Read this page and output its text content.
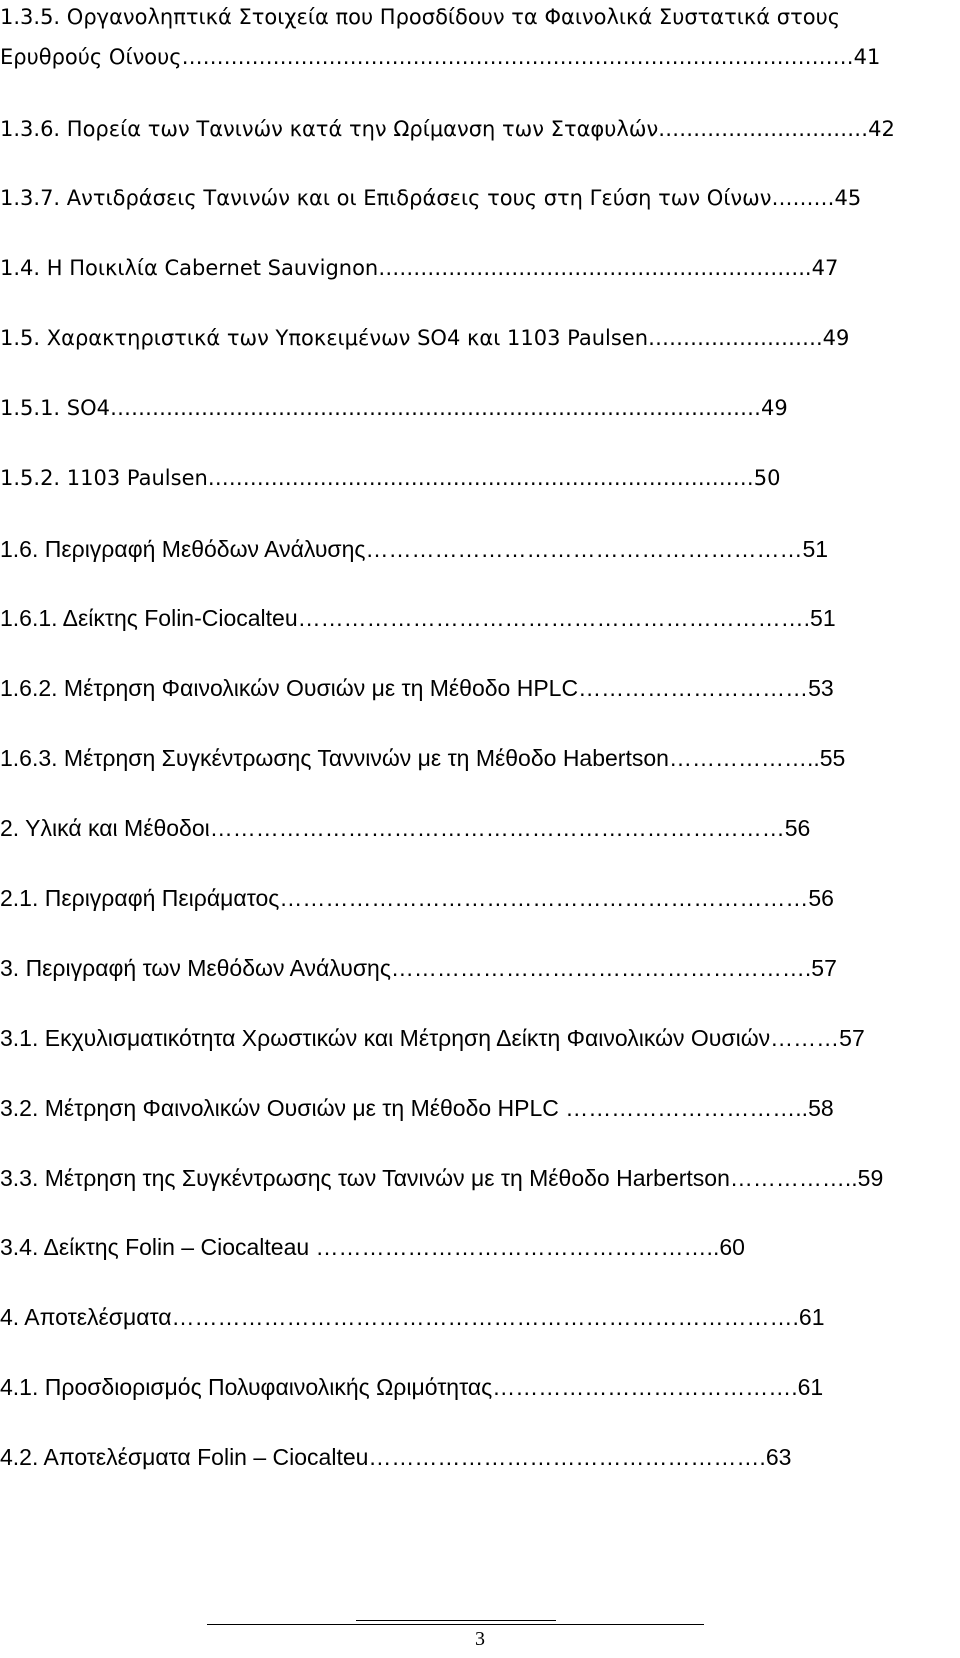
1.3.5. Οργανοληπτικά Στοιχεία που Προσδίδουν τα Φαινολικά Συστατικά στους
Ερυθρούς Οίνους……………………………………………………………………………………41
1.3.6. Πορεία των Τανινών κατά την Ωρίμανση των Σταφυλών…………………………42
1.3.7. Αντιδράσεις Τανινών και οι Επιδράσεις τους στη Γεύση των Οίνων………45
1.4. Η Ποικιλία Cabernet Sauvignon……………………………………………………..47
1.5. Χαρακτηριστικά των Υποκειμένων SO4 και 1103 Paulsen…………………….49
1.5.1. SO4…………………………………………………………………………………49
1.5.2. 1103 Paulsen……………………………………………………………………50
1.6. Περιγραφή Μεθόδων Ανάλυσης…………………………………………………51
1.6.1. Δείκτης Folin-Ciocalteu………………………………………………………….51
1.6.2. Μέτρηση Φαινολικών Ουσιών με τη Μέθοδο HPLC…………………………53
1.6.3. Μέτρηση Συγκέντρωσης Ταννινών με τη Μέθοδο Habertson………………..55
2. Υλικά και Μέθοδοι…………………………………………………………………56
2.1. Περιγραφή Πειράματος……………………………………………………………56
3. Περιγραφή των Μεθόδων Ανάλυσης……………………………………………….57
3.1. Εκχυλισματικότητα Χρωστικών και Μέτρηση Δείκτη Φαινολικών Ουσιών………57
3.2. Μέτρηση Φαινολικών Ουσιών με τη Μέθοδο HPLC …………………………..58
3.3. Μέτρηση της Συγκέντρωσης των Τανινών με τη Μέθοδο Harbertson……………..59
3.4. Δείκτης Folin – Ciocalteau ……………………………………………..60
4. Αποτελέσματα……………………………………………………………………….61
4.1. Προσδιορισμός Πολυφαινολικής Ωριμότητας………………………………….61
4.2. Αποτελέσματα Folin – Ciocalteu…………………………………………….63
3
